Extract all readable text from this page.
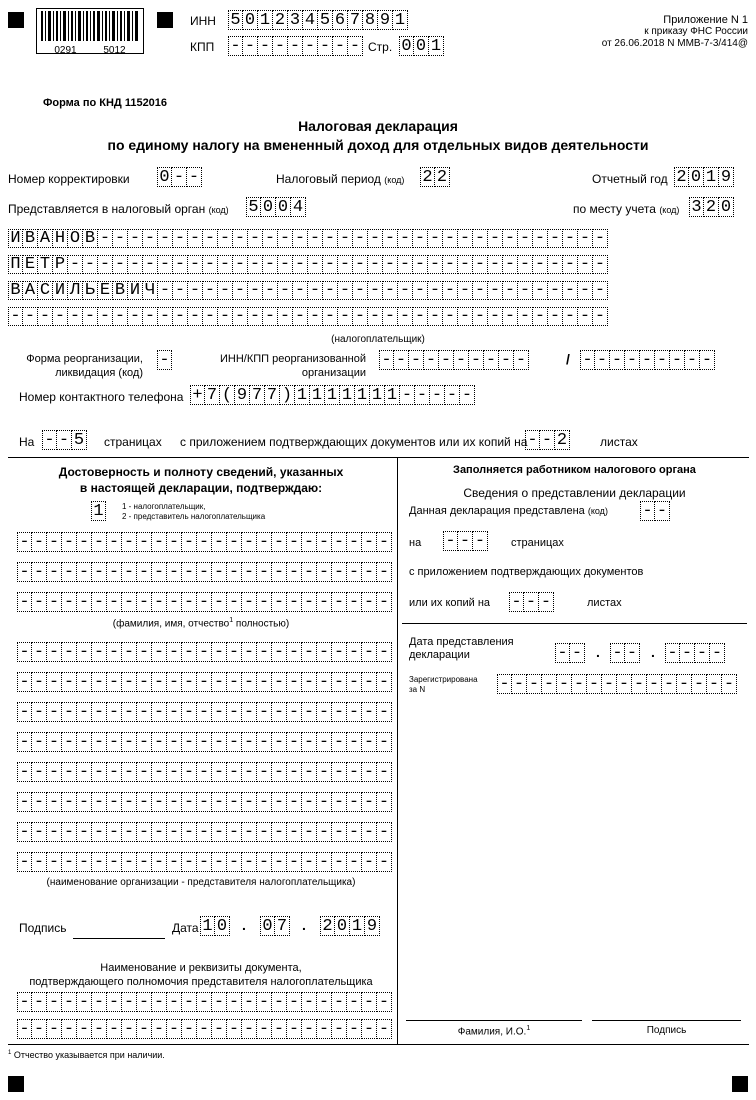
0291	5012
ИНН 5 0 1 2 3 4 5 6 7 8 9 1
КПП - - - - - - - - - Стр. 0 0 1
Приложение N 1
к приказу ФНС России
от 26.06.2018 N ММВ-7-3/414@
Форма по КНД 1152016
Налоговая декларация
по единому налогу на вмененный доход для отдельных видов деятельности
Номер корректировки 0 - -	Налоговый период (код) 2 2	Отчетный год 2 0 1 9
Представляется в налоговый орган (код) 5 0 0 4	по месту учета (код) 3 2 0
И В А Н О В - - - - - - - - - - - - - - - - - - - - - - - - - - - - - - - - - -
П Е Т Р - - - - - - - - - - - - - - - - - - - - - - - - - - - - - - - - - - - -
В А С И Л Ь Е В И Ч - - - - - - - - - - - - - - - - - - - - - - - - - - - - - -
- - - - - - - - - - - - - - - - - - - - - - - - - - - - - - - - - - - - - - - -
(налогоплательщик)
Форма реорганизации,
ликвидация (код)
-	ИНН/КПП реорганизованной
организации
- - - - - - - - - -	/ - - - - - - - - -
Номер контактного телефона + 7 ( 9 7 7 ) 1 1 1 1 1 1 1 - - - - -
На - - 5 страницах с приложением подтверждающих документов или их копий на - - 2	листах
Достоверность и полноту сведений, указанных
в настоящей декларации, подтверждаю:
1	1 - налогоплательщик,
2 - представитель налогоплательщика
- - - - - - - - - - - - - - - - - - - - - - - - -
- - - - - - - - - - - - - - - - - - - - - - - - -
- - - - - - - - - - - - - - - - - - - - - - - - -
(фамилия, имя, отчество$^1$ полностью)
- - - - - - - - - - - - - - - - - - - - - - - - -
- - - - - - - - - - - - - - - - - - - - - - - - -
- - - - - - - - - - - - - - - - - - - - - - - - -
- - - - - - - - - - - - - - - - - - - - - - - - -
- - - - - - - - - - - - - - - - - - - - - - - - -
- - - - - - - - - - - - - - - - - - - - - - - - -
- - - - - - - - - - - - - - - - - - - - - - - - -
- - - - - - - - - - - - - - - - - - - - - - - - -
(наименование организации - представителя налогоплательщика)
Подпись	Дата 1 0 . 0 7 . 2 0 1 9
Наименование и реквизиты документа,
подтверждающего полномочия представителя налогоплательщика
- - - - - - - - - - - - - - - - - - - - - - - - -
- - - - - - - - - - - - - - - - - - - - - - - - -
Заполняется работником налогового органа
Сведения о представлении декларации
Данная декларация представлена (код) - -
на - - - страницах
с приложением подтверждающих документов
или их копий на - - -	листах
Дата представления
декларации	- - . - - . - - - -
Зарегистрирована
за N	- - - - - - - - - - - - - - - -
Фамилия, И.О.$^1$	Подпись
$^1$ Отчество указывается при наличии.
